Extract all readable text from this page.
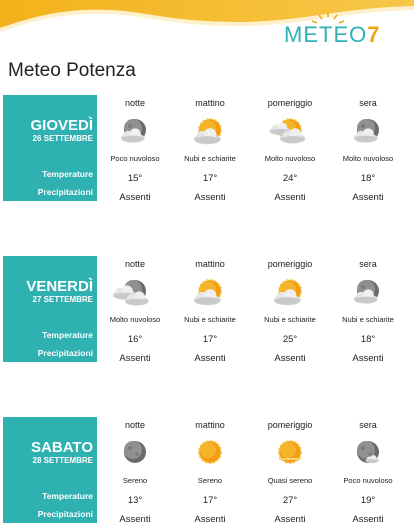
METEO7
Meteo Potenza
GIOVEDÌ
26 SETTEMBRE
Temperature
Precipitazioni
notte
Poco nuvoloso
15°
Assenti
mattino
Nubi e schiarite
17°
Assenti
pomeriggio
Molto nuvoloso
24°
Assenti
sera
Molto nuvoloso
18°
Assenti
VENERDÌ
27 SETTEMBRE
Temperature
Precipitazioni
notte
Molto nuvoloso
16°
Assenti
mattino
Nubi e schiarite
17°
Assenti
pomeriggio
Nubi e schiarite
25°
Assenti
sera
Nubi e schiarite
18°
Assenti
SABATO
28 SETTEMBRE
Temperature
Precipitazioni
notte
Sereno
13°
Assenti
mattino
Sereno
17°
Assenti
pomeriggio
Quasi sereno
27°
Assenti
sera
Poco nuvoloso
19°
Assenti
